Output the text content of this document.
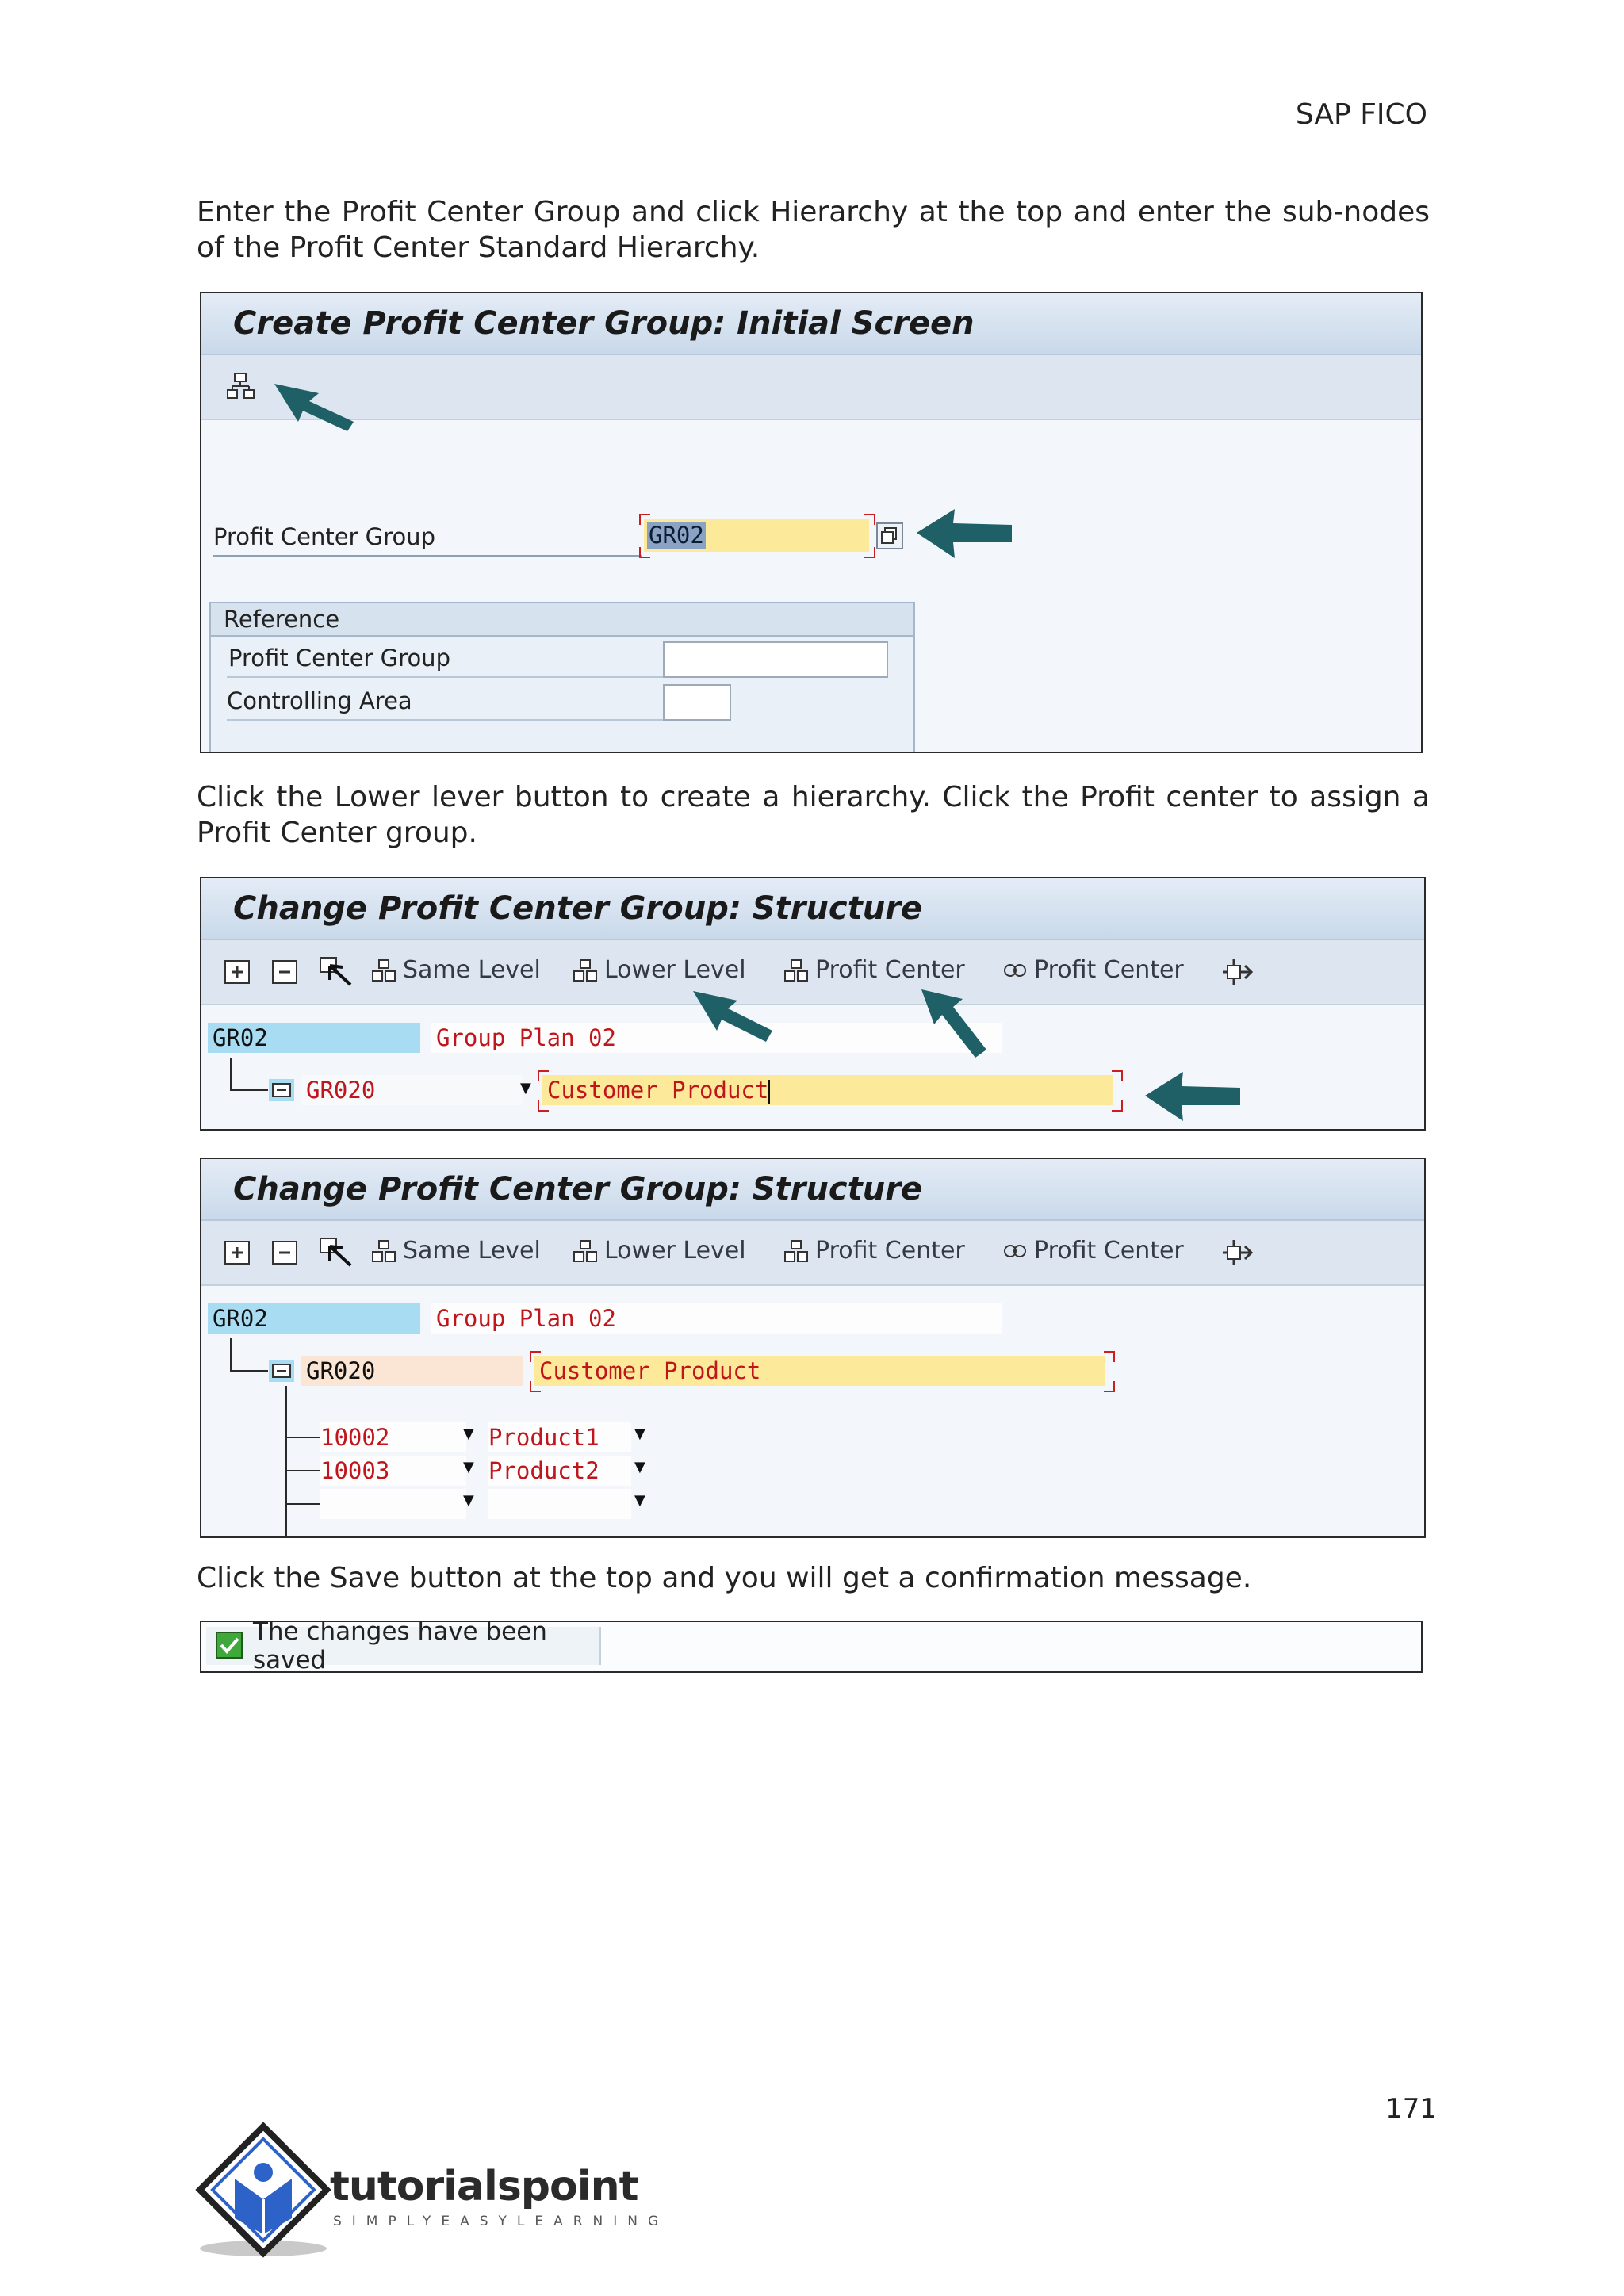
SAP FICO
Enter the Profit Center Group and click Hierarchy at the top and enter the sub-nodes of the Profit Center Standard Hierarchy.
Create Profit Center Group: Initial Screen
Profit Center Group	GR02
Reference
Profit Center Group
Controlling Area
Click the Lower lever button to create a hierarchy. Click the Profit center to assign a Profit Center group.
Change Profit Center Group: Structure
Same Level	Lower Level	Profit Center	Profit Center
GR02	Group Plan 02
GR020	▼ Customer Product
Change Profit Center Group: Structure
Same Level	Lower Level	Profit Center	Profit Center
GR02	Group Plan 02
GR020	Customer Product
10002	▼ Product1	▼
10003	▼ Product2	▼
▼	▼
Click the Save button at the top and you will get a confirmation message.
The changes have been saved
171
tutorialspoint
SIMPLYEASYLEARNING
